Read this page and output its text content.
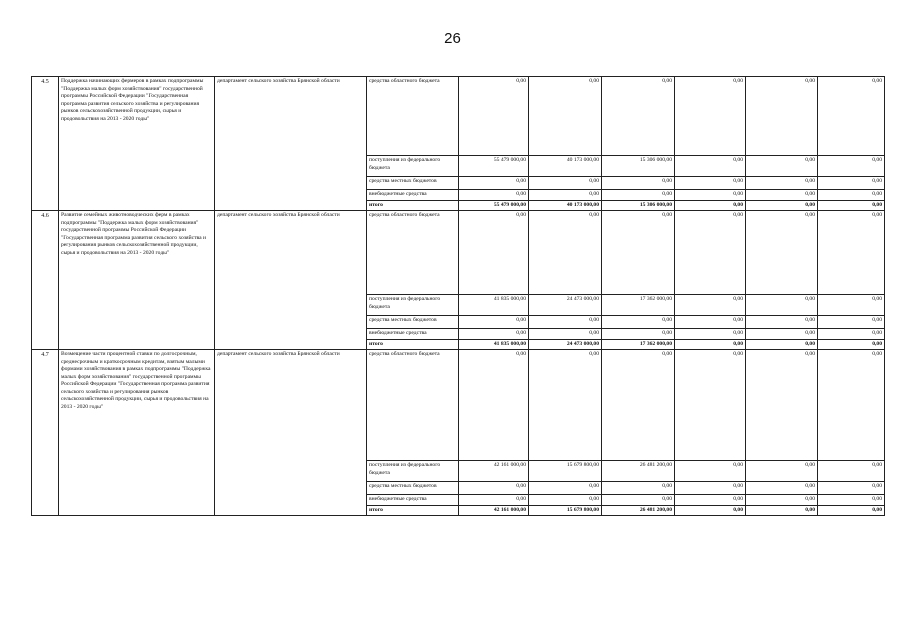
26
4.5	Поддержка начинающих фермеров в рамках подпрограммы "Поддержка малых форм хозяйствования" государственной программы Российской Федерации "Государственная программа развития сельского хозяйства и регулирования рынков сельскохозяйственной продукции, сырья и продовольствия на 2013 - 2020 годы"	департамент сельского хозяйства Брянской области	средства областного бюджета	0,00	0,00	0,00	0,00	0,00	0,00
			поступления из федерального бюджета	55 479 000,00	40 173 000,00	15 306 000,00	0,00	0,00	0,00
			средства местных бюджетов	0,00	0,00	0,00	0,00	0,00	0,00
			внебюджетные средства	0,00	0,00	0,00	0,00	0,00	0,00
			итого	55 479 000,00	40 173 000,00	15 306 000,00	0,00	0,00	0,00
4.6	Развитие семейных животноводческих ферм в рамках подпрограммы "Поддержка малых форм хозяйствования" государственной программы Российской Федерации "Государственная программа развития сельского хозяйства и регулирования рынков сельскохозяйственной продукции, сырья и продовольствия на 2013 - 2020 годы"	департамент сельского хозяйства Брянской области	средства областного бюджета	0,00	0,00	0,00	0,00	0,00	0,00
			поступления из федерального бюджета	41 835 000,00	24 473 000,00	17 362 000,00	0,00	0,00	0,00
			средства местных бюджетов	0,00	0,00	0,00	0,00	0,00	0,00
			внебюджетные средства	0,00	0,00	0,00	0,00	0,00	0,00
			итого	41 835 000,00	24 473 000,00	17 362 000,00	0,00	0,00	0,00
4.7	Возмещение части процентной ставки по долгосрочным, среднесрочным и краткосрочным кредитам, взятым малыми формами хозяйствования в рамках подпрограммы "Поддержка малых форм хозяйствования" государственной программы Российской Федерации "Государственная программа развития сельского хозяйства и регулирования рынков сельскохозяйственной продукции, сырья и продовольствия на 2013 - 2020 годы"	департамент сельского хозяйства Брянской области	средства областного бюджета	0,00	0,00	0,00	0,00	0,00	0,00
			поступления из федерального бюджета	42 161 000,00	15 679 800,00	26 481 200,00	0,00	0,00	0,00
			средства местных бюджетов	0,00	0,00	0,00	0,00	0,00	0,00
			внебюджетные средства	0,00	0,00	0,00	0,00	0,00	0,00
			итого	42 161 000,00	15 679 800,00	26 481 200,00	0,00	0,00	0,00
